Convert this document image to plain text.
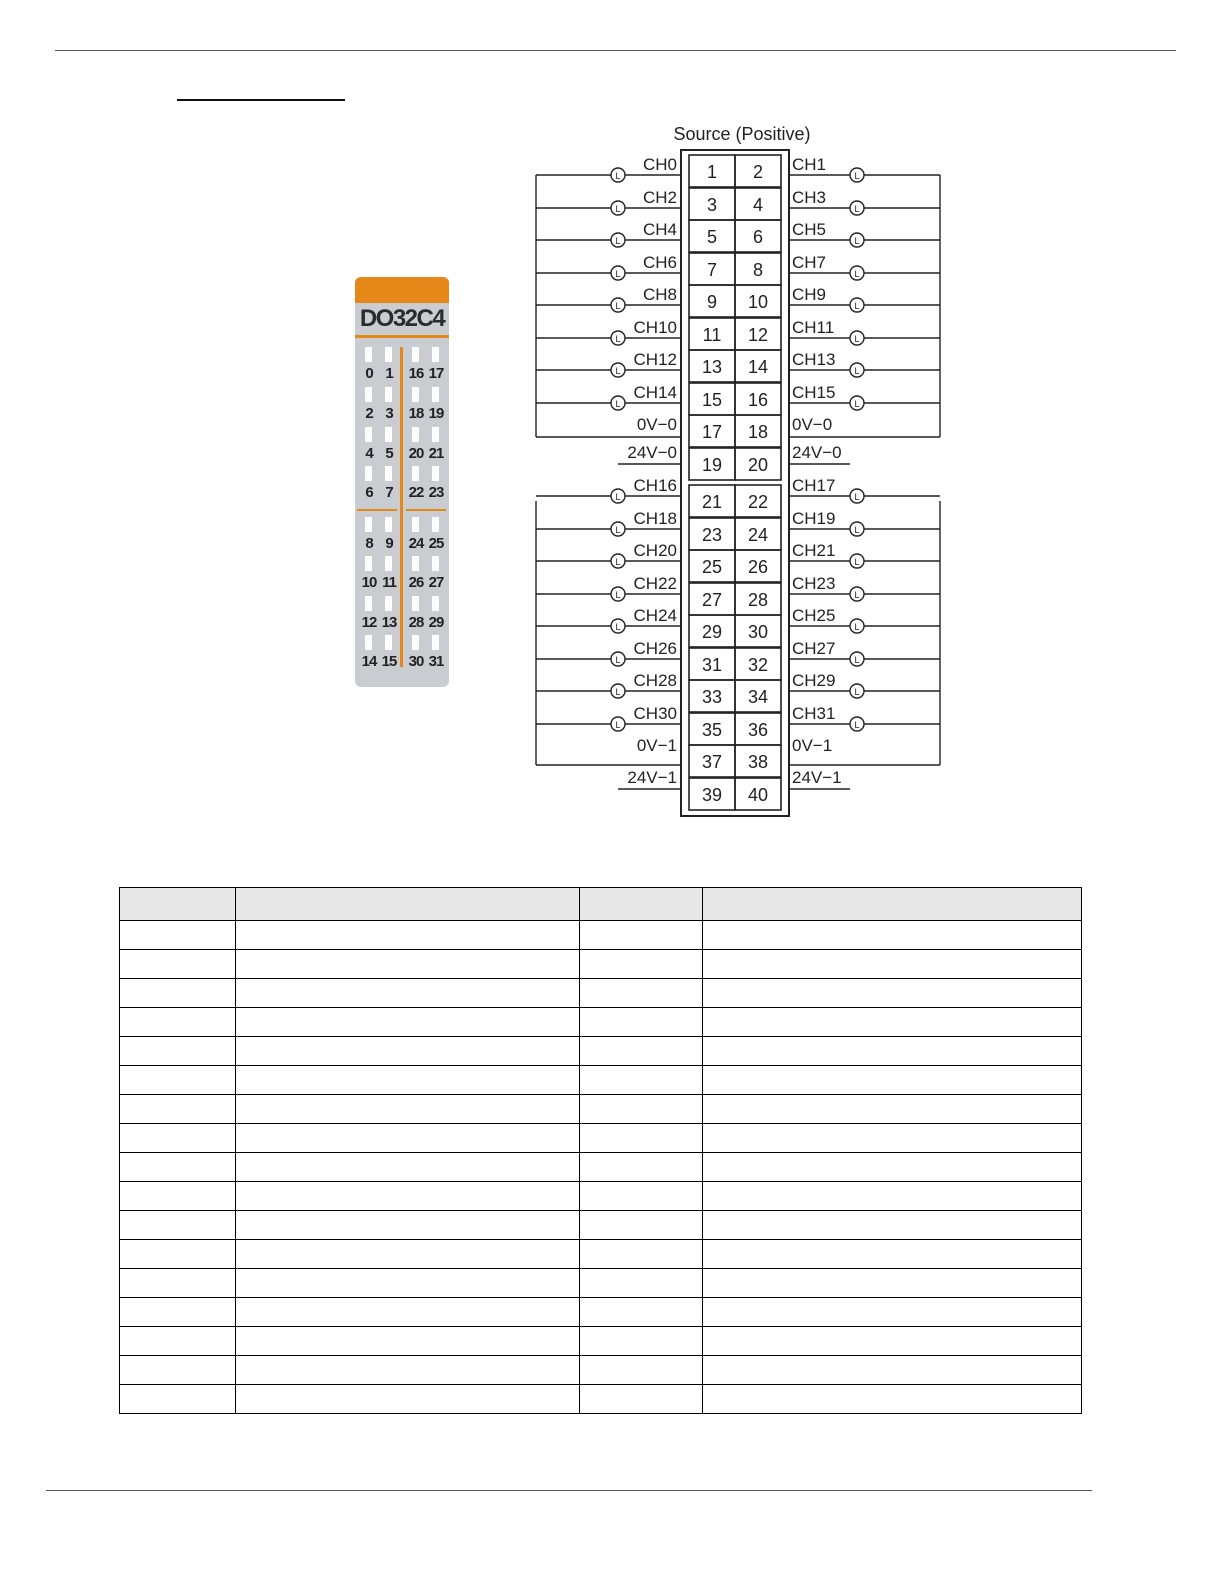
DO32C4
0 1	16 17
2 3	18 19
4 5	20 21
6 7	22 23
8 9	24 25
10 11 26 27
12 13 28 29
14 15 30 31
Source (Positive)
1 2
3 4
5 6
7 8
9 10
11 12
13 14
15 16
17 18
19 20
21 22
23 24
25 26
27 28
29 30
31 32
33 34
35 36
37 38
39 40
CH0	CH1
L	L
CH2	CH3
L	L
CH4	CH5
L	L
CH6	CH7
L	L
CH8	CH9
L	L
CH10	CH11
L	L
CH12	CH13
L	L
CH14	CH15
L	L
0V−0	0V−0
24V−0	24V−0
CH16	CH17
L	L
CH18	CH19
L	L
CH20	CH21
L	L
CH22	CH23
L	L
CH24	CH25
L	L
CH26	CH27
L	L
CH28	CH29
L	L
CH30	CH31
L	L
0V−1	0V−1
24V−1	24V−1
